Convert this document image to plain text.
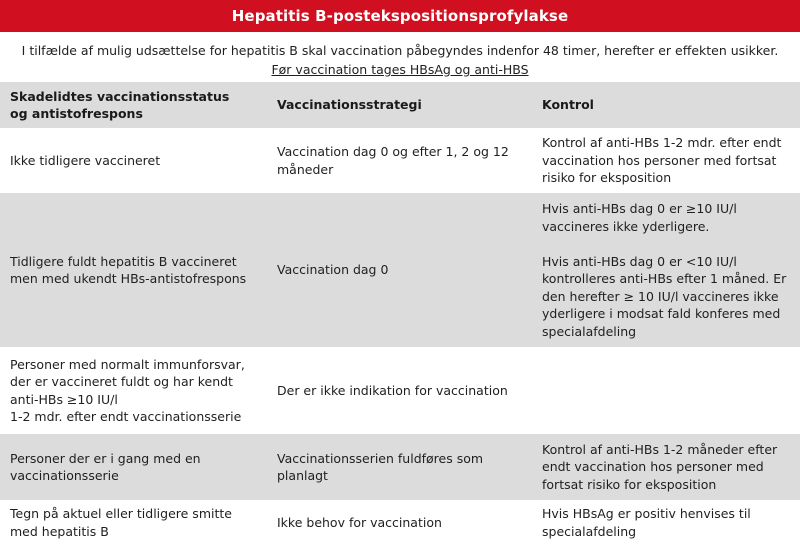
Hepatitis B-postekspositionsprofylakse
I tilfælde af mulig udsættelse for hepatitis B skal vaccination påbegyndes indenfor 48 timer, herefter er effekten usikker.
Før vaccination tages HBsAg og anti-HBS
Skadelidtes vaccinationsstatus
og antistofrespons	Vaccinationsstrategi	Kontrol
Ikke tidligere vaccineret	Vaccination dag 0 og efter 1, 2 og 12 måneder	Kontrol af anti-HBs 1-2 mdr. efter endt vaccination hos personer med fortsat risiko for eksposition
Tidligere fuldt hepatitis B vaccineret men med ukendt HBs-antistofrespons	Vaccination dag 0	Hvis anti-HBs dag 0 er ≥10 IU/l vaccineres ikke yderligere.

Hvis anti-HBs dag 0 er <10 IU/l kontrolleres anti-HBs efter 1 måned. Er den herefter ≥ 10 IU/l vaccineres ikke yderligere i modsat fald konferes med specialafdeling
Personer med normalt immunforsvar, der er vaccineret fuldt og har kendt anti-HBs ≥10 IU/l
1-2 mdr. efter endt vaccinationsserie	Der er ikke indikation for vaccination	
Personer der er i gang med en vaccinationsserie	Vaccinationsserien fuldføres som planlagt	Kontrol af anti-HBs 1-2 måneder efter endt vaccination hos personer med fortsat risiko for eksposition
Tegn på aktuel eller tidligere smitte med hepatitis B	Ikke behov for vaccination	Hvis HBsAg er positiv henvises til specialafdeling
